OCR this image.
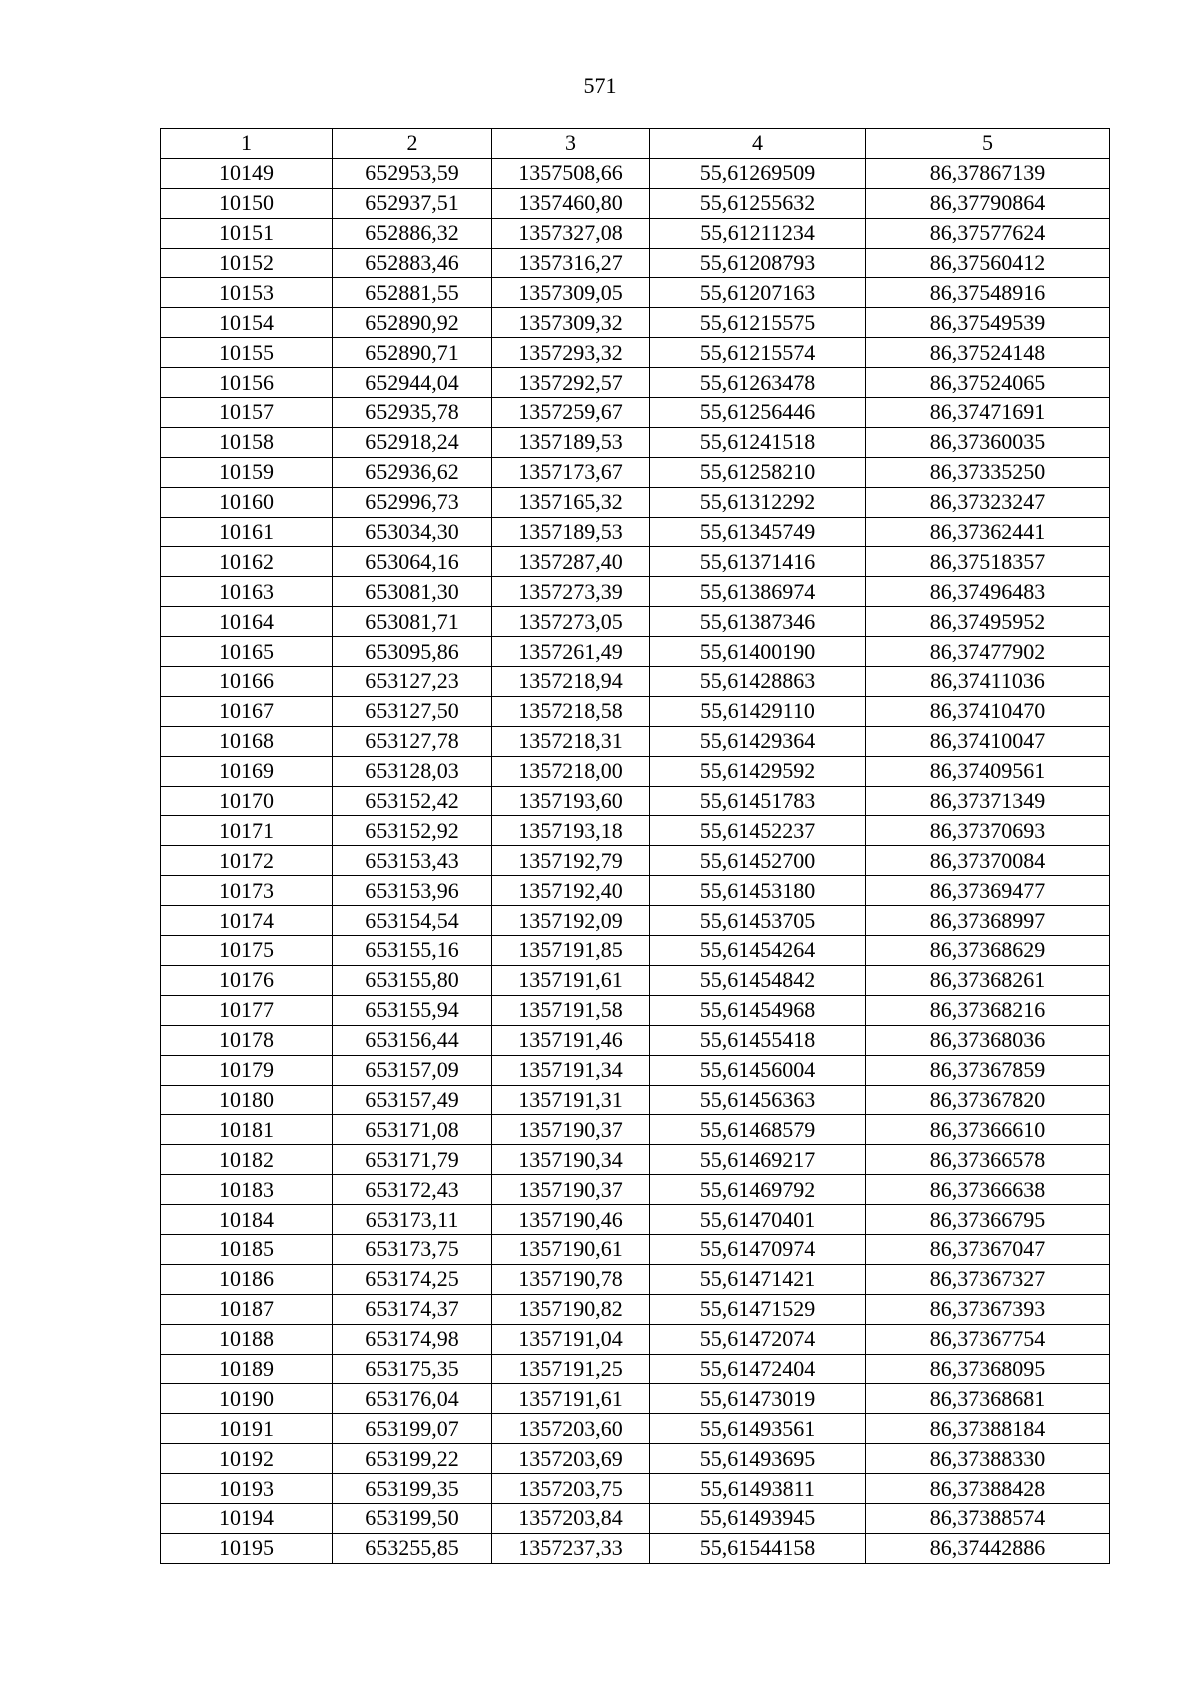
571
1	2	3	4	5
10149	652953,59	1357508,66	55,61269509	86,37867139
10150	652937,51	1357460,80	55,61255632	86,37790864
10151	652886,32	1357327,08	55,61211234	86,37577624
10152	652883,46	1357316,27	55,61208793	86,37560412
10153	652881,55	1357309,05	55,61207163	86,37548916
10154	652890,92	1357309,32	55,61215575	86,37549539
10155	652890,71	1357293,32	55,61215574	86,37524148
10156	652944,04	1357292,57	55,61263478	86,37524065
10157	652935,78	1357259,67	55,61256446	86,37471691
10158	652918,24	1357189,53	55,61241518	86,37360035
10159	652936,62	1357173,67	55,61258210	86,37335250
10160	652996,73	1357165,32	55,61312292	86,37323247
10161	653034,30	1357189,53	55,61345749	86,37362441
10162	653064,16	1357287,40	55,61371416	86,37518357
10163	653081,30	1357273,39	55,61386974	86,37496483
10164	653081,71	1357273,05	55,61387346	86,37495952
10165	653095,86	1357261,49	55,61400190	86,37477902
10166	653127,23	1357218,94	55,61428863	86,37411036
10167	653127,50	1357218,58	55,61429110	86,37410470
10168	653127,78	1357218,31	55,61429364	86,37410047
10169	653128,03	1357218,00	55,61429592	86,37409561
10170	653152,42	1357193,60	55,61451783	86,37371349
10171	653152,92	1357193,18	55,61452237	86,37370693
10172	653153,43	1357192,79	55,61452700	86,37370084
10173	653153,96	1357192,40	55,61453180	86,37369477
10174	653154,54	1357192,09	55,61453705	86,37368997
10175	653155,16	1357191,85	55,61454264	86,37368629
10176	653155,80	1357191,61	55,61454842	86,37368261
10177	653155,94	1357191,58	55,61454968	86,37368216
10178	653156,44	1357191,46	55,61455418	86,37368036
10179	653157,09	1357191,34	55,61456004	86,37367859
10180	653157,49	1357191,31	55,61456363	86,37367820
10181	653171,08	1357190,37	55,61468579	86,37366610
10182	653171,79	1357190,34	55,61469217	86,37366578
10183	653172,43	1357190,37	55,61469792	86,37366638
10184	653173,11	1357190,46	55,61470401	86,37366795
10185	653173,75	1357190,61	55,61470974	86,37367047
10186	653174,25	1357190,78	55,61471421	86,37367327
10187	653174,37	1357190,82	55,61471529	86,37367393
10188	653174,98	1357191,04	55,61472074	86,37367754
10189	653175,35	1357191,25	55,61472404	86,37368095
10190	653176,04	1357191,61	55,61473019	86,37368681
10191	653199,07	1357203,60	55,61493561	86,37388184
10192	653199,22	1357203,69	55,61493695	86,37388330
10193	653199,35	1357203,75	55,61493811	86,37388428
10194	653199,50	1357203,84	55,61493945	86,37388574
10195	653255,85	1357237,33	55,61544158	86,37442886
